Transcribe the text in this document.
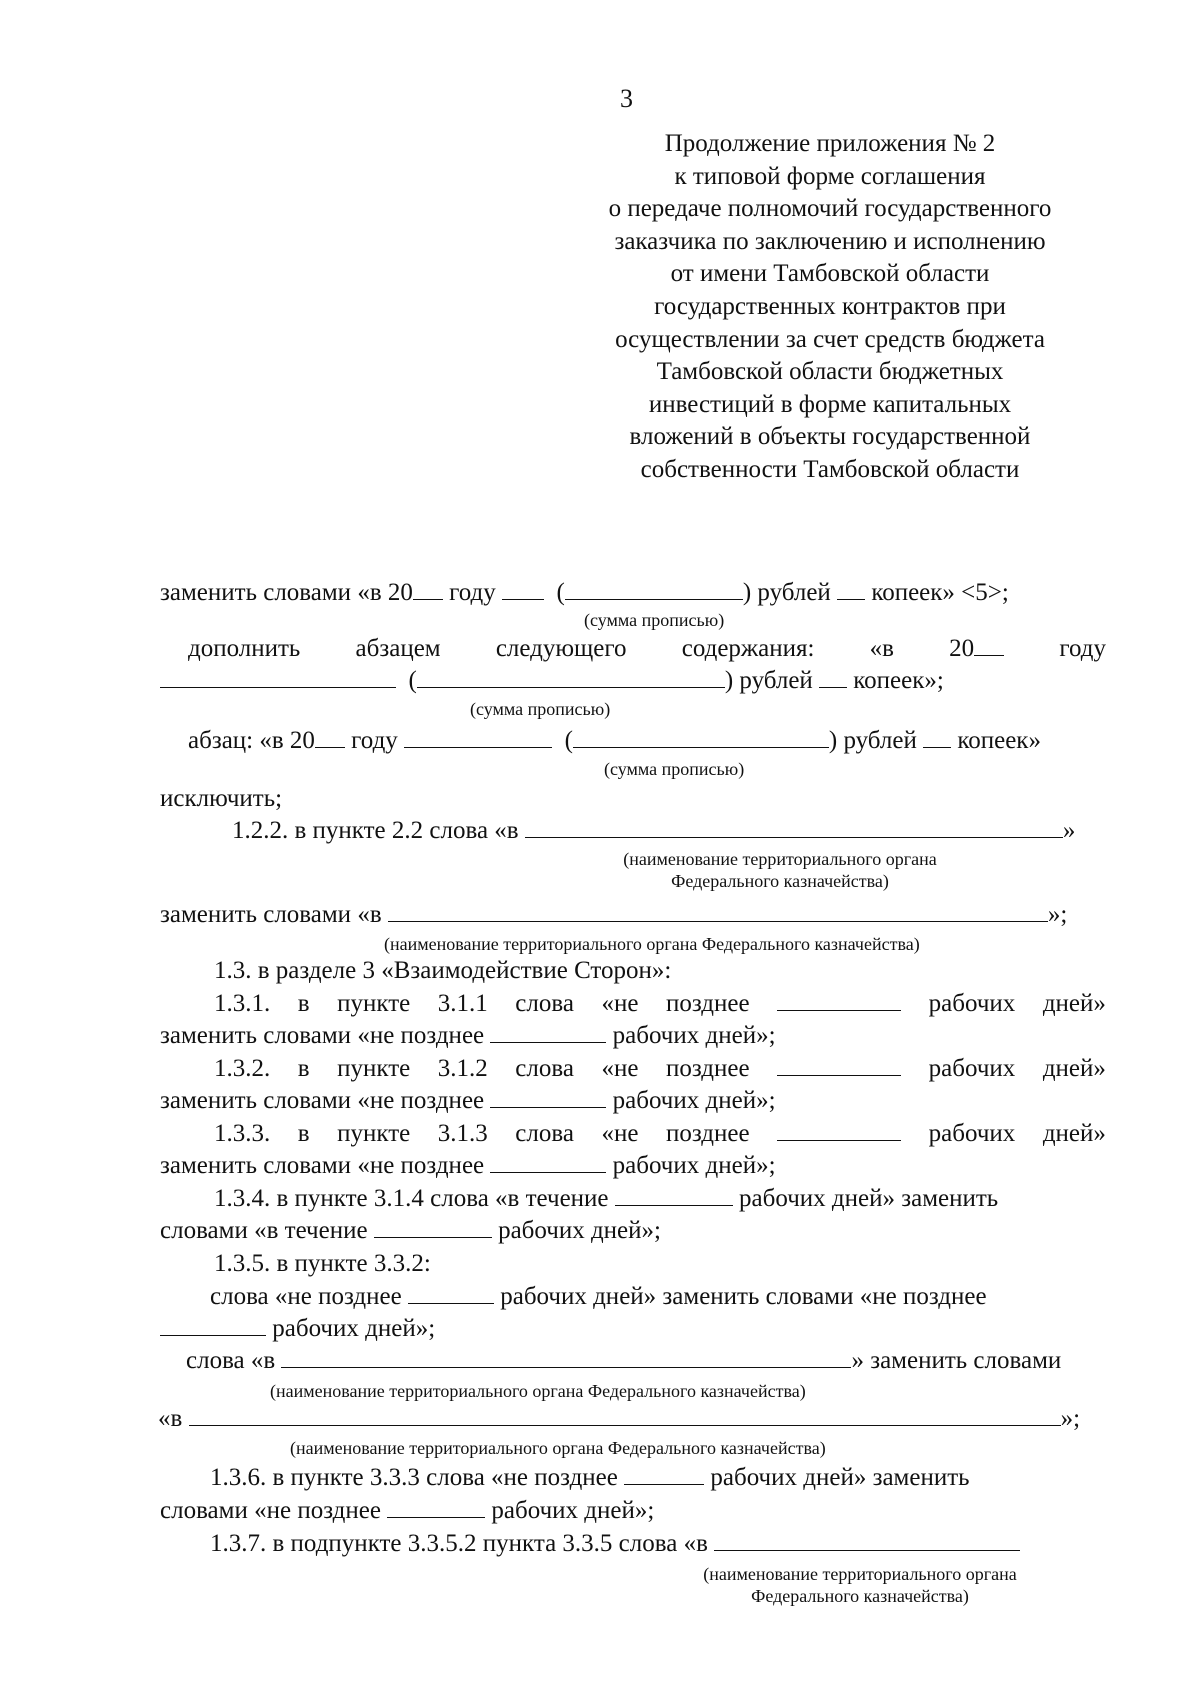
3
Продолжение приложения № 2
к типовой форме соглашения
о передаче полномочий государственного
заказчика по заключению и исполнению
от имени Тамбовской области
государственных контрактов при
осуществлении за счет средств бюджета
Тамбовской области бюджетных
инвестиций в форме капитальных
вложений в объекты государственной
собственности Тамбовской области
заменить словами «в 20 году (	) рублей копеек» <5>;
(сумма прописью)
дополнить абзацем следующего содержания: «в 20	году
(	) рублей копеек»;
(сумма прописью)
абзац: «в 20 году	(	) рублей копеек»
(сумма прописью)
исключить;
1.2.2. в пункте 2.2 слова «в	»
(наименование территориального органа
Федерального казначейства)
заменить словами «в	»;
(наименование территориального органа Федерального казначейства)
1.3. в разделе 3 «Взаимодействие Сторон»:
1.3.1. в пункте 3.1.1 слова «не позднее	рабочих дней»
заменить словами «не позднее	рабочих дней»;
1.3.2. в пункте 3.1.2 слова «не позднее	рабочих дней»
заменить словами «не позднее	рабочих дней»;
1.3.3. в пункте 3.1.3 слова «не позднее	рабочих дней»
заменить словами «не позднее	рабочих дней»;
1.3.4. в пункте 3.1.4 слова «в течение	рабочих дней» заменить
словами «в течение	рабочих дней»;
1.3.5. в пункте 3.3.2:
слова «не позднее	рабочих дней» заменить словами «не позднее
рабочих дней»;
слова «в	» заменить словами
(наименование территориального органа Федерального казначейства)
«в	»;
(наименование территориального органа Федерального казначейства)
1.3.6. в пункте 3.3.3 слова «не позднее	рабочих дней» заменить
словами «не позднее	рабочих дней»;
1.3.7. в подпункте 3.3.5.2 пункта 3.3.5 слова «в
(наименование территориального органа
Федерального казначейства)
